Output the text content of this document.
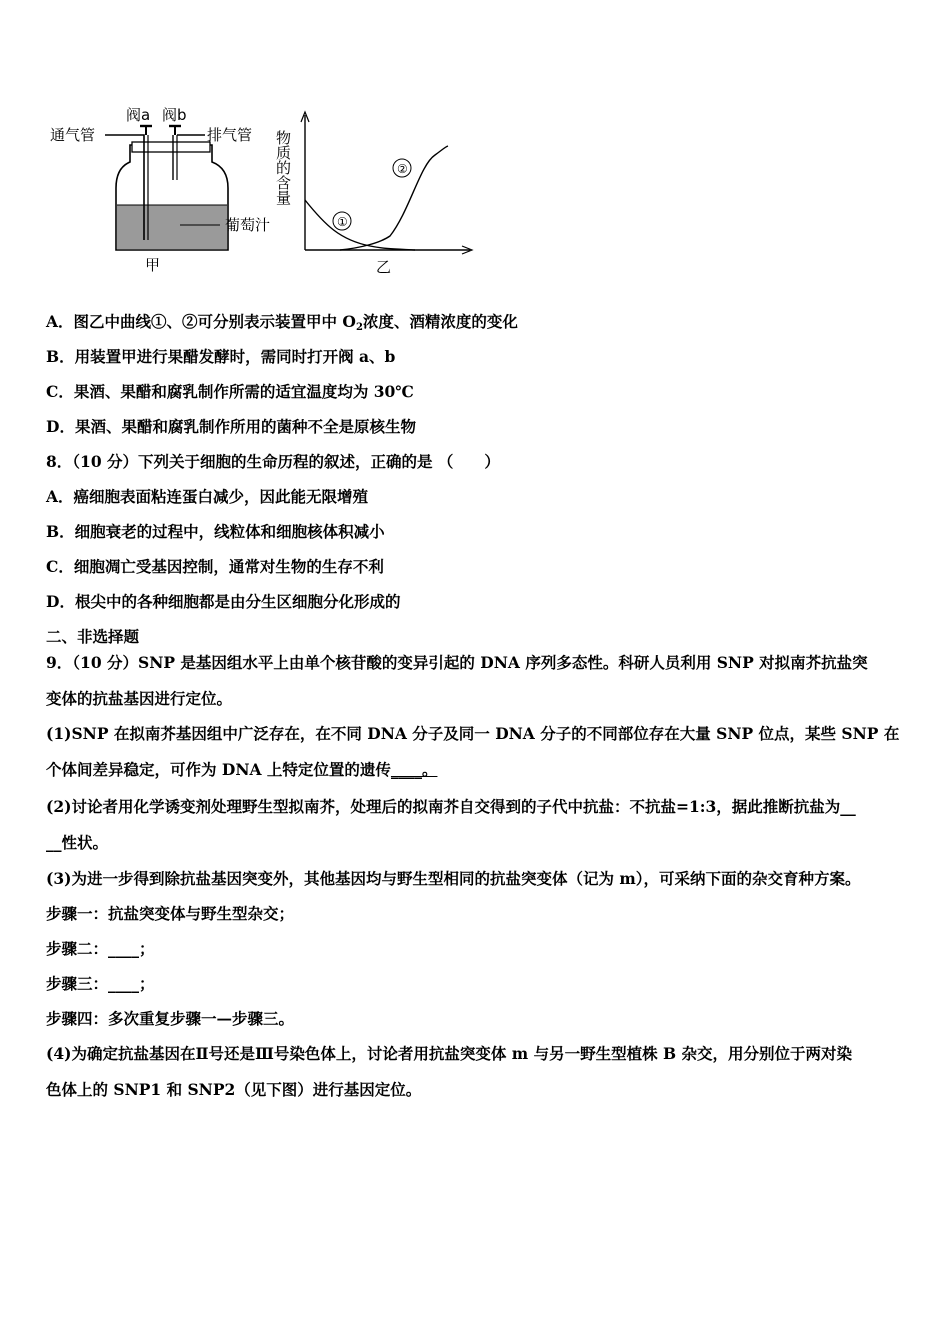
通气管
阀a 阀b
排气管
葡萄汁
甲
①
②
乙
物质的含量
A．图乙中曲线①、②可分别表示装置甲中 $O_2$浓度、酒精浓度的变化
B．用装置甲进行果醋发酵时，需同时打开阀 a、b
C．果酒、果醋和腐乳制作所需的适宜温度均为 30℃
D．果酒、果醋和腐乳制作所用的菌种不全是原核生物
8．（10 分）下列关于细胞的生命历程的叙述，正确的是 （　　）
A．癌细胞表面粘连蛋白减少，因此能无限增殖
B．细胞衰老的过程中，线粒体和细胞核体积减小
C．细胞凋亡受基因控制，通常对生物的生存不利
D．根尖中的各种细胞都是由分生区细胞分化形成的
二、非选择题
9．（10 分）SNP 是基因组水平上由单个核苷酸的变异引起的 DNA 序列多态性。科研人员利用 SNP 对拟南芥抗盐突
变体的抗盐基因进行定位。
(1)SNP 在拟南芥基因组中广泛存在，在不同 DNA 分子及同一 DNA 分子的不同部位存在大量 SNP 位点，某些 SNP 在
个体间差异稳定，可作为 DNA 上特定位置的遗传____。
(2)讨论者用化学诱变剂处理野生型拟南芥，处理后的拟南芥自交得到的子代中抗盐：不抗盐=1:3，据此推断抗盐为__
__性状。
(3)为进一步得到除抗盐基因突变外，其他基因均与野生型相同的抗盐突变体（记为 m），可采纳下面的杂交育种方案。
步骤一：抗盐突变体与野生型杂交；
步骤二：____；
步骤三：____；
步骤四：多次重复步骤一—步骤三。
(4)为确定抗盐基因在Ⅱ号还是Ⅲ号染色体上，讨论者用抗盐突变体 m 与另一野生型植株 B 杂交，用分别位于两对染
色体上的 SNP1 和 SNP2（见下图）进行基因定位。
